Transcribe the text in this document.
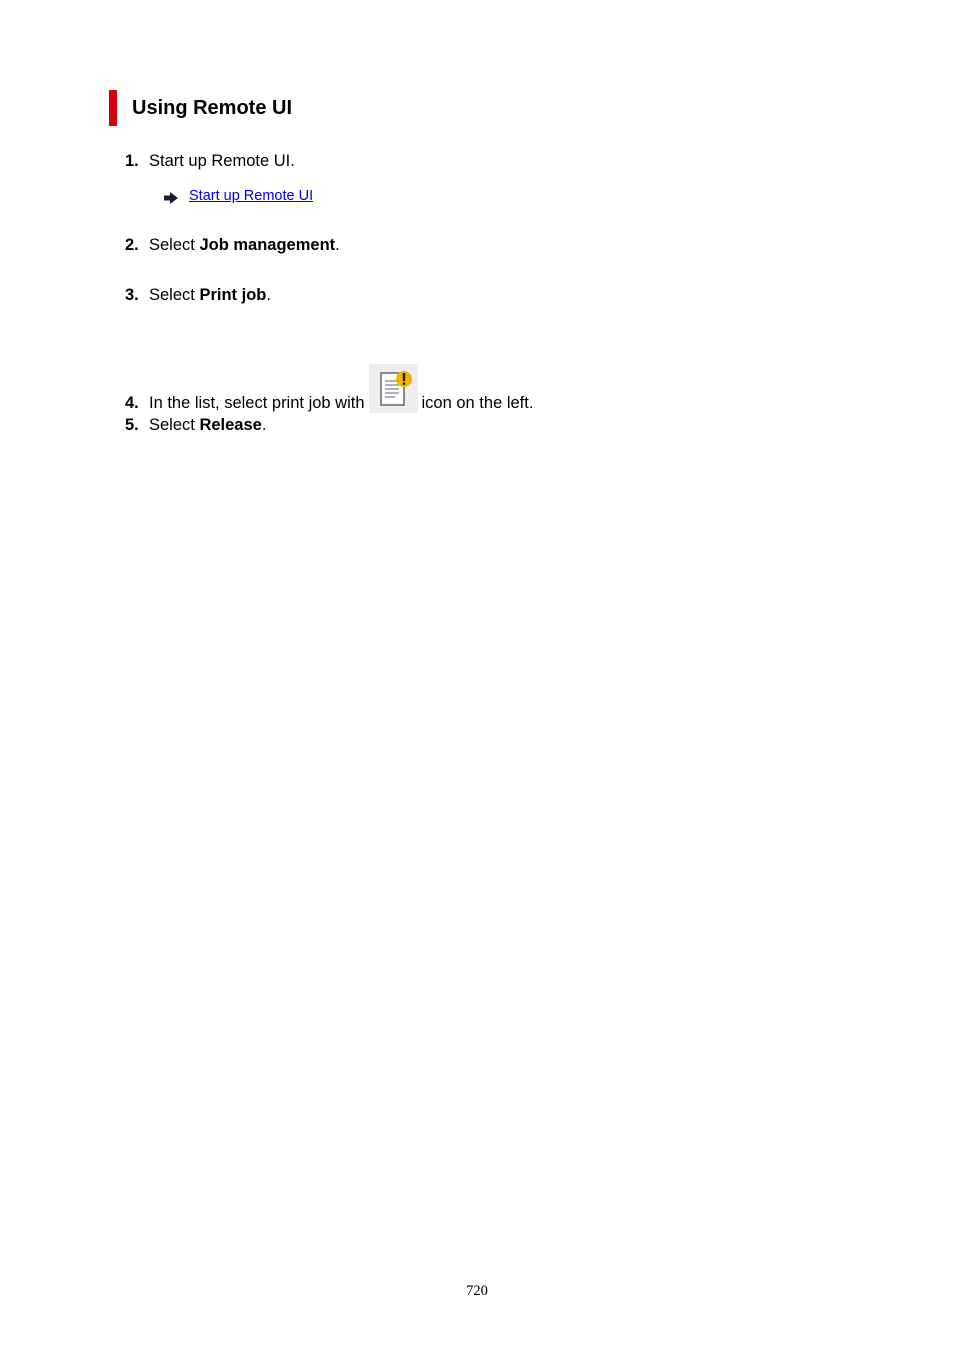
Using Remote UI
1. Start up Remote UI.
Start up Remote UI
2. Select Job management.
3. Select Print job.
4. In the list, select print job with	icon on the left.
5. Select Release.
720
